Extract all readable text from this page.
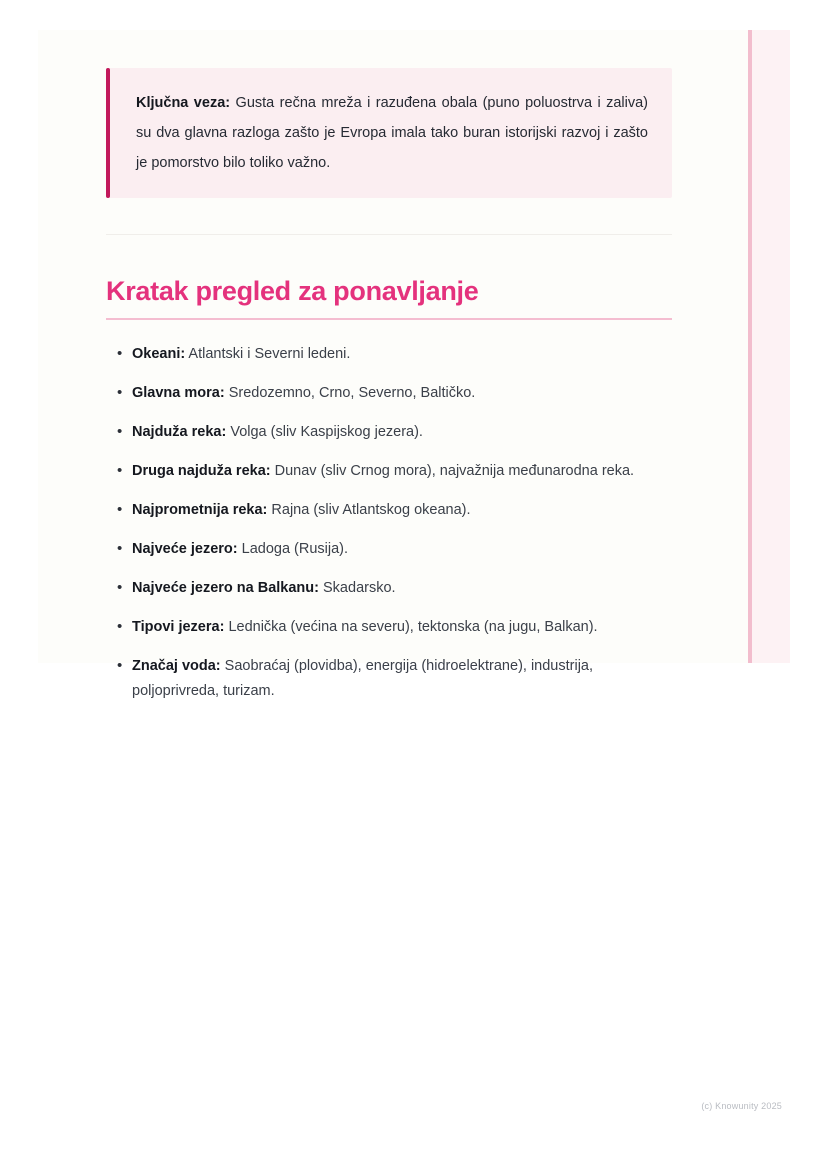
Ključna veza: Gusta rečna mreža i razuđena obala (puno poluostrva i zaliva) su dva glavna razloga zašto je Evropa imala tako buran istorijski razvoj i zašto je pomorstvo bilo toliko važno.

Kratak pregled za ponavljanje
• Okeani: Atlantski i Severni ledeni.
• Glavna mora: Sredozemno, Crno, Severno, Baltičko.
• Najduža reka: Volga (sliv Kaspijskog jezera).
• Druga najduža reka: Dunav (sliv Crnog mora), najvažnija međunarodna reka.
• Najprometnija reka: Rajna (sliv Atlantskog okeana).
• Najveće jezero: Ladoga (Rusija).
• Najveće jezero na Balkanu: Skadarsko.
• Tipovi jezera: Lednička (većina na severu), tektonska (na jugu, Balkan).
• Značaj voda: Saobraćaj (plovidba), energija (hidroelektrane), industrija, poljoprivreda, turizam.
(c) Knowunity 2025
